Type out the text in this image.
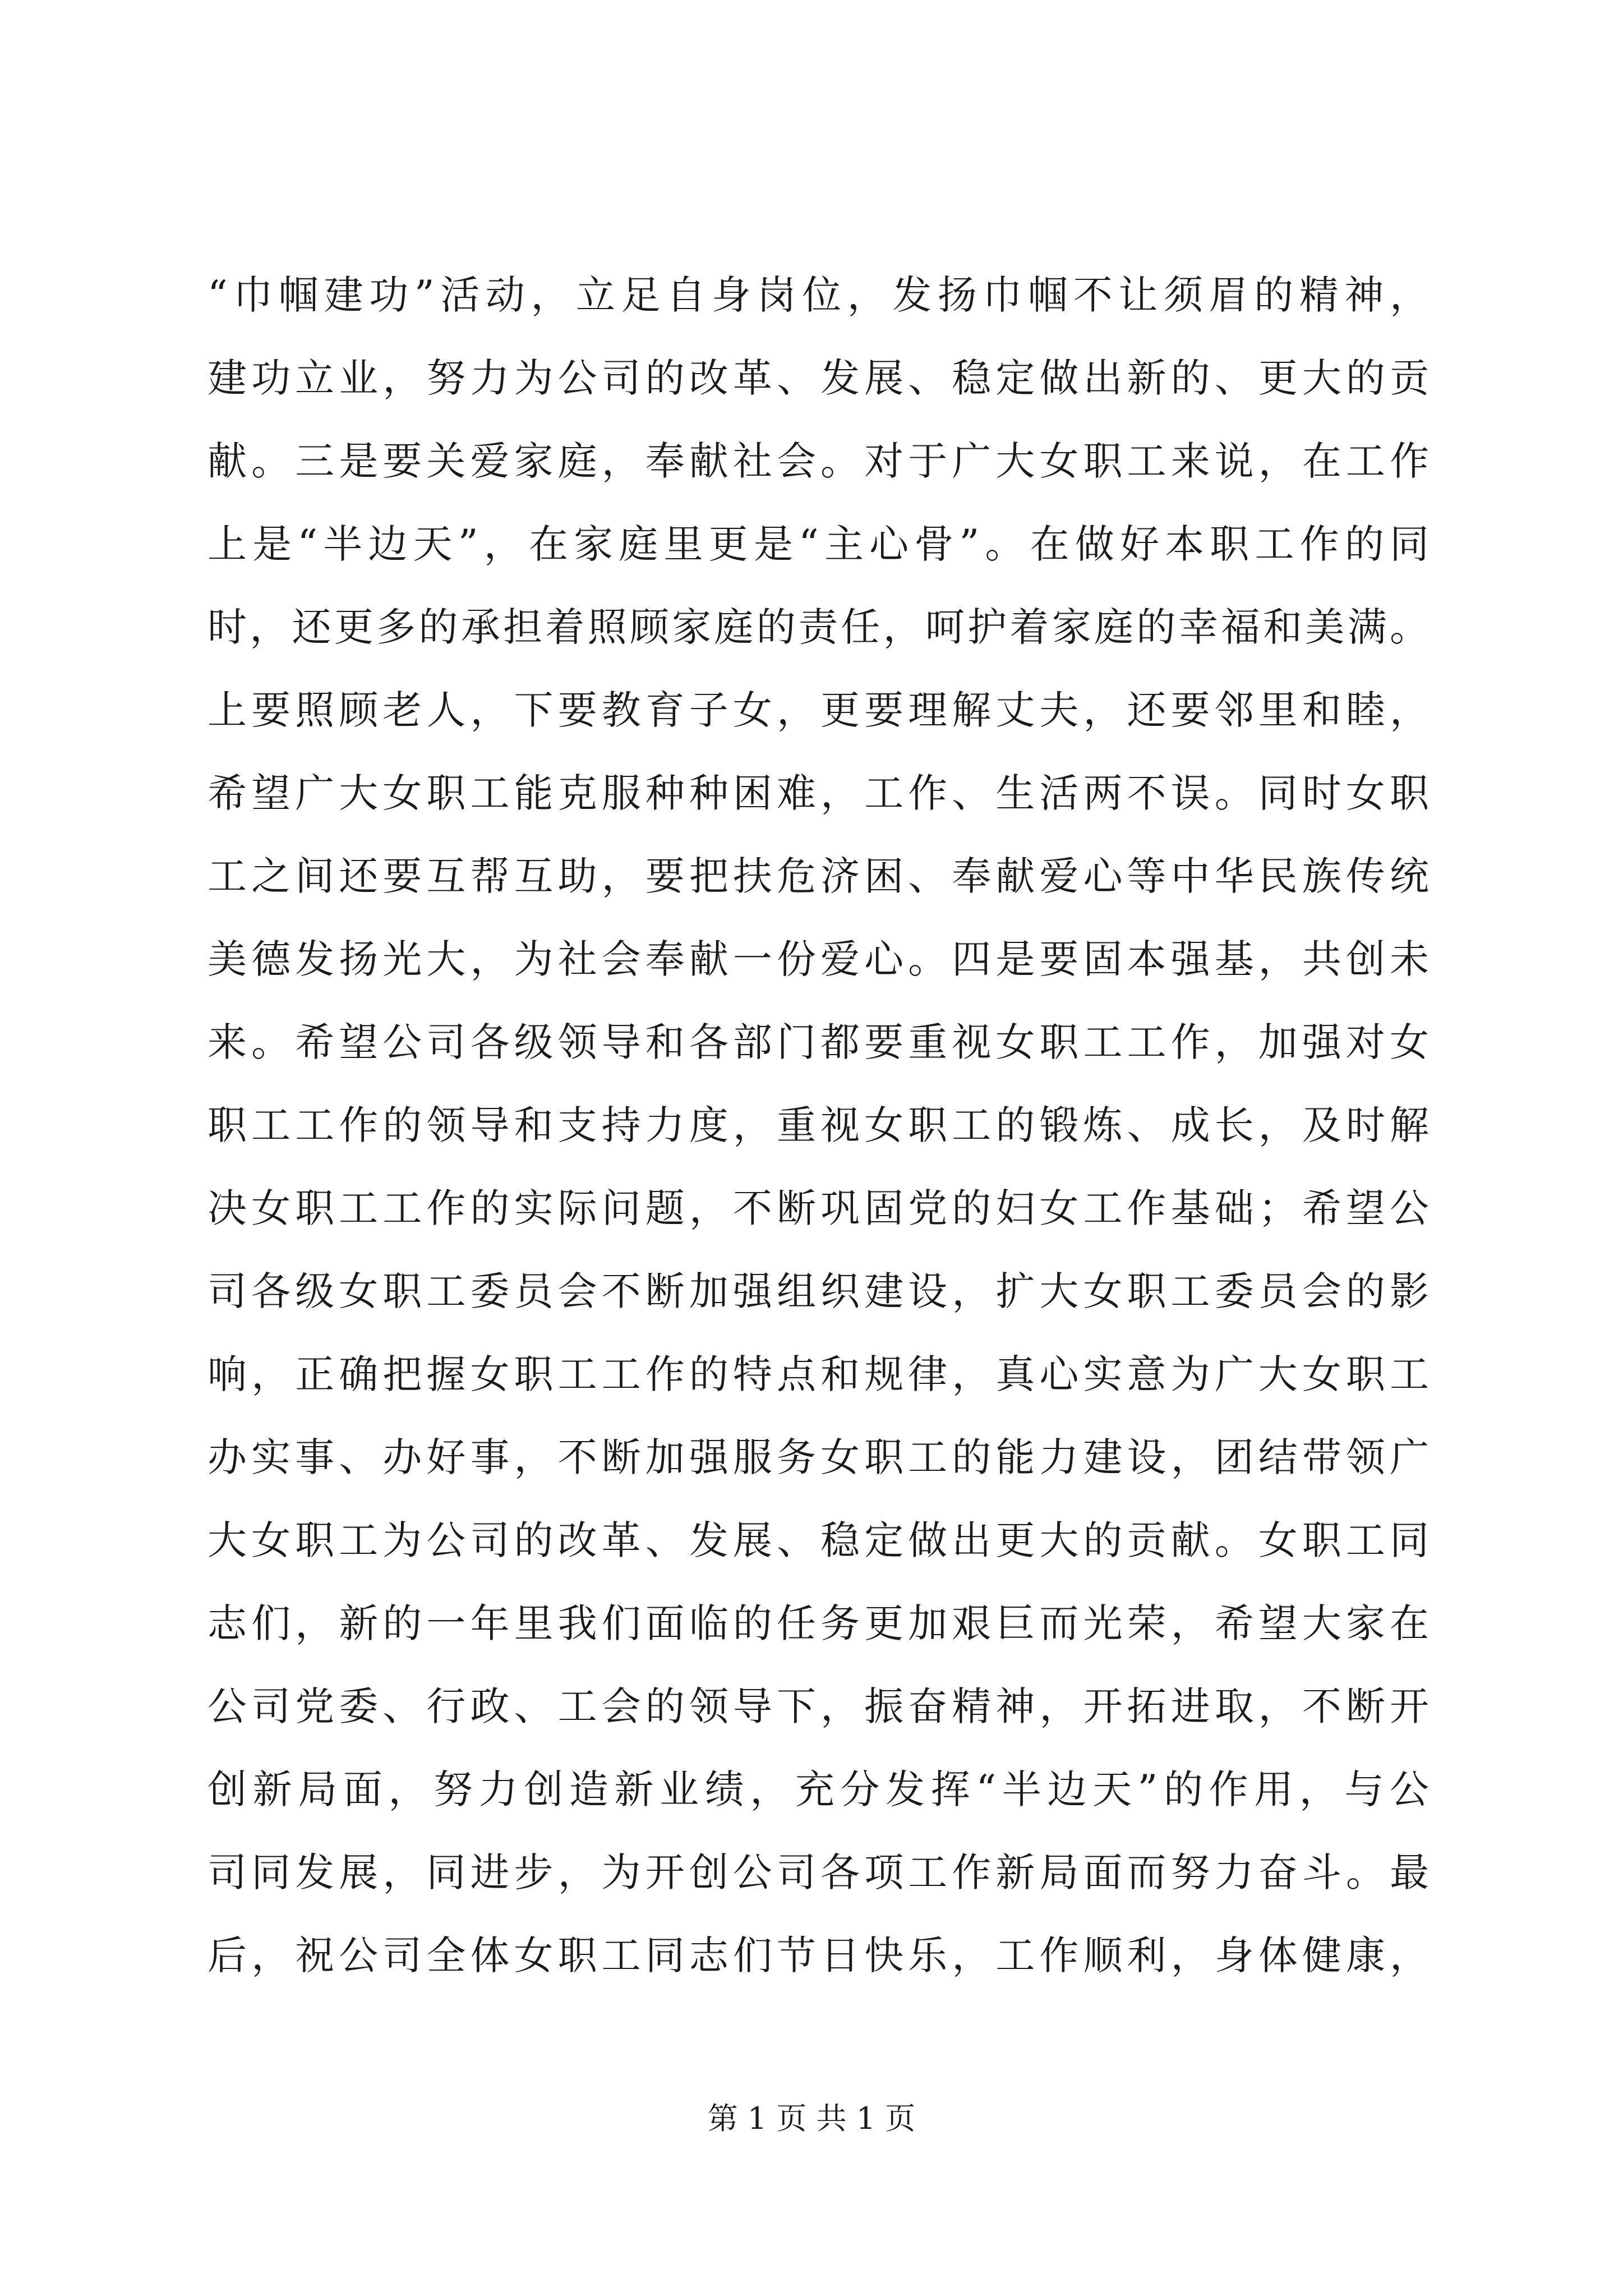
“巾帼建功”活动，立足自身岗位，发扬巾帼不让须眉的精神，
建功立业，努力为公司的改革、发展、稳定做出新的、更大的贡
献。三是要关爱家庭，奉献社会。对于广大女职工来说，在工作
上是“半边天”，在家庭里更是“主心骨”。在做好本职工作的同
时，还更多的承担着照顾家庭的责任，呵护着家庭的幸福和美满。
上要照顾老人，下要教育子女，更要理解丈夫，还要邻里和睦，
希望广大女职工能克服种种困难，工作、生活两不误。同时女职
工之间还要互帮互助，要把扶危济困、奉献爱心等中华民族传统
美德发扬光大，为社会奉献一份爱心。四是要固本强基，共创未
来。希望公司各级领导和各部门都要重视女职工工作，加强对女
职工工作的领导和支持力度，重视女职工的锻炼、成长，及时解
决女职工工作的实际问题，不断巩固党的妇女工作基础；希望公
司各级女职工委员会不断加强组织建设，扩大女职工委员会的影
响，正确把握女职工工作的特点和规律，真心实意为广大女职工
办实事、办好事，不断加强服务女职工的能力建设，团结带领广
大女职工为公司的改革、发展、稳定做出更大的贡献。女职工同
志们，新的一年里我们面临的任务更加艰巨而光荣，希望大家在
公司党委、行政、工会的领导下，振奋精神，开拓进取，不断开
创新局面，努力创造新业绩，充分发挥“半边天”的作用，与公
司同发展，同进步，为开创公司各项工作新局面而努力奋斗。最
后，祝公司全体女职工同志们节日快乐，工作顺利，身体健康，
第 1 页 共 1 页
